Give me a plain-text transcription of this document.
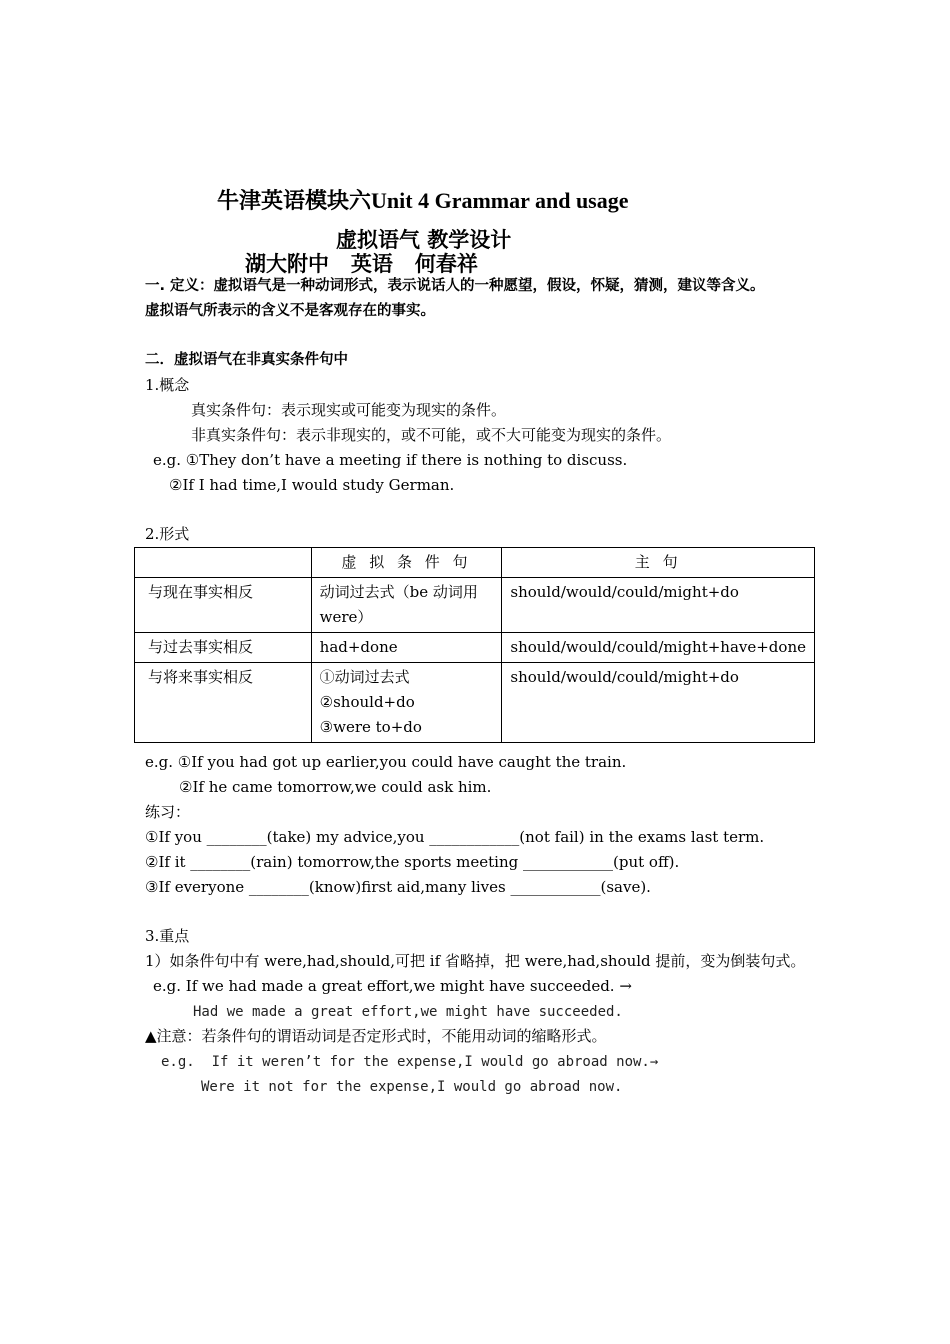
牛津英语模块六Unit 4 Grammar and usage
虚拟语气 教学设计
湖大附中   英语   何春祥
一. 定义：虚拟语气是一种动词形式，表示说话人的一种愿望，假设，怀疑，猜测，建议等含义。
虚拟语气所表示的含义不是客观存在的事实。
二．虚拟语气在非真实条件句中
1.概念
真实条件句：表示现实或可能变为现实的条件。
非真实条件句：表示非现实的，或不可能，或不大可能变为现实的条件。
e.g. ①They don’t have a meeting if there is nothing to discuss.
②If I had time,I would study German.
2.形式
	虚 拟 条 件 句	主 句
与现在事实相反	动词过去式（be 动词用
were）	should/would/could/might+do
与过去事实相反	had+done	should/would/could/might+have+done
与将来事实相反	①动词过去式
②should+do
③were to+do	should/would/could/might+do
e.g. ①If you had got up earlier,you could have caught the train.
②If he came tomorrow,we could ask him.
练习：
①If you ________(take) my advice,you ____________(not fail) in the exams last term.
②If it ________(rain) tomorrow,the sports meeting ____________(put off).
③If everyone ________(know)first aid,many lives ____________(save).
3.重点
1）如条件句中有 were,had,should,可把 if 省略掉，把 were,had,should 提前，变为倒装句式。
e.g. If we had made a great effort,we might have succeeded. →
Had we made a great effort,we might have succeeded.
▲注意：若条件句的谓语动词是否定形式时，不能用动词的缩略形式。
e.g.  If it weren’t for the expense,I would go abroad now.→
Were it not for the expense,I would go abroad now.
